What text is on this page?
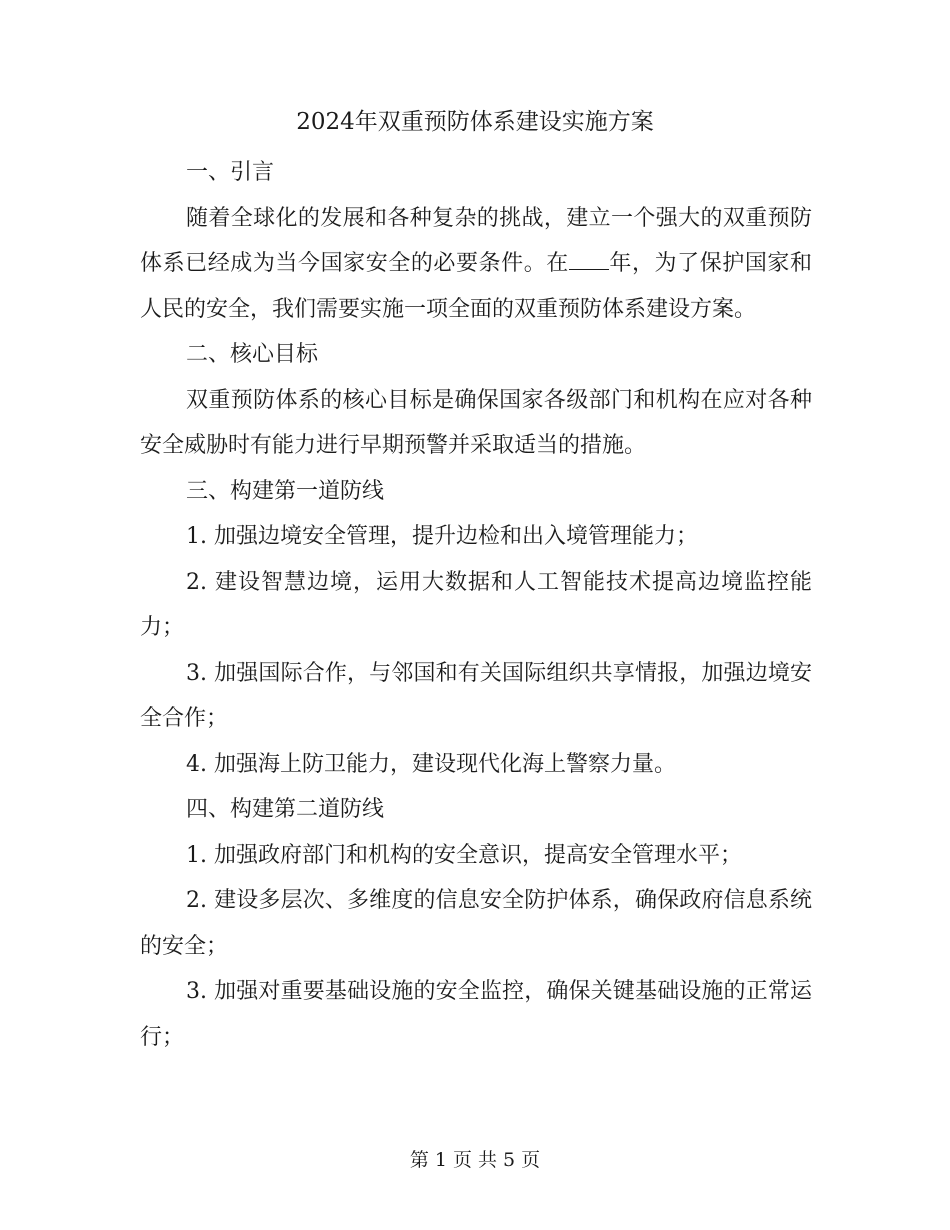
2024年双重预防体系建设实施方案

一、引言

随着全球化的发展和各种复杂的挑战，建立一个强大的双重预防体系已经成为当今国家安全的必要条件。在 年，为了保护国家和人民的安全，我们需要实施一项全面的双重预防体系建设方案。

二、核心目标

双重预防体系的核心目标是确保国家各级部门和机构在应对各种安全威胁时有能力进行早期预警并采取适当的措施。

三、构建第一道防线

1. 加强边境安全管理，提升边检和出入境管理能力；

2. 建设智慧边境，运用大数据和人工智能技术提高边境监控能力；

3. 加强国际合作，与邻国和有关国际组织共享情报，加强边境安全合作；

4. 加强海上防卫能力，建设现代化海上警察力量。

四、构建第二道防线

1. 加强政府部门和机构的安全意识，提高安全管理水平；

2. 建设多层次、多维度的信息安全防护体系，确保政府信息系统的安全；

3. 加强对重要基础设施的安全监控，确保关键基础设施的正常运行；

第 1 页 共 5 页
